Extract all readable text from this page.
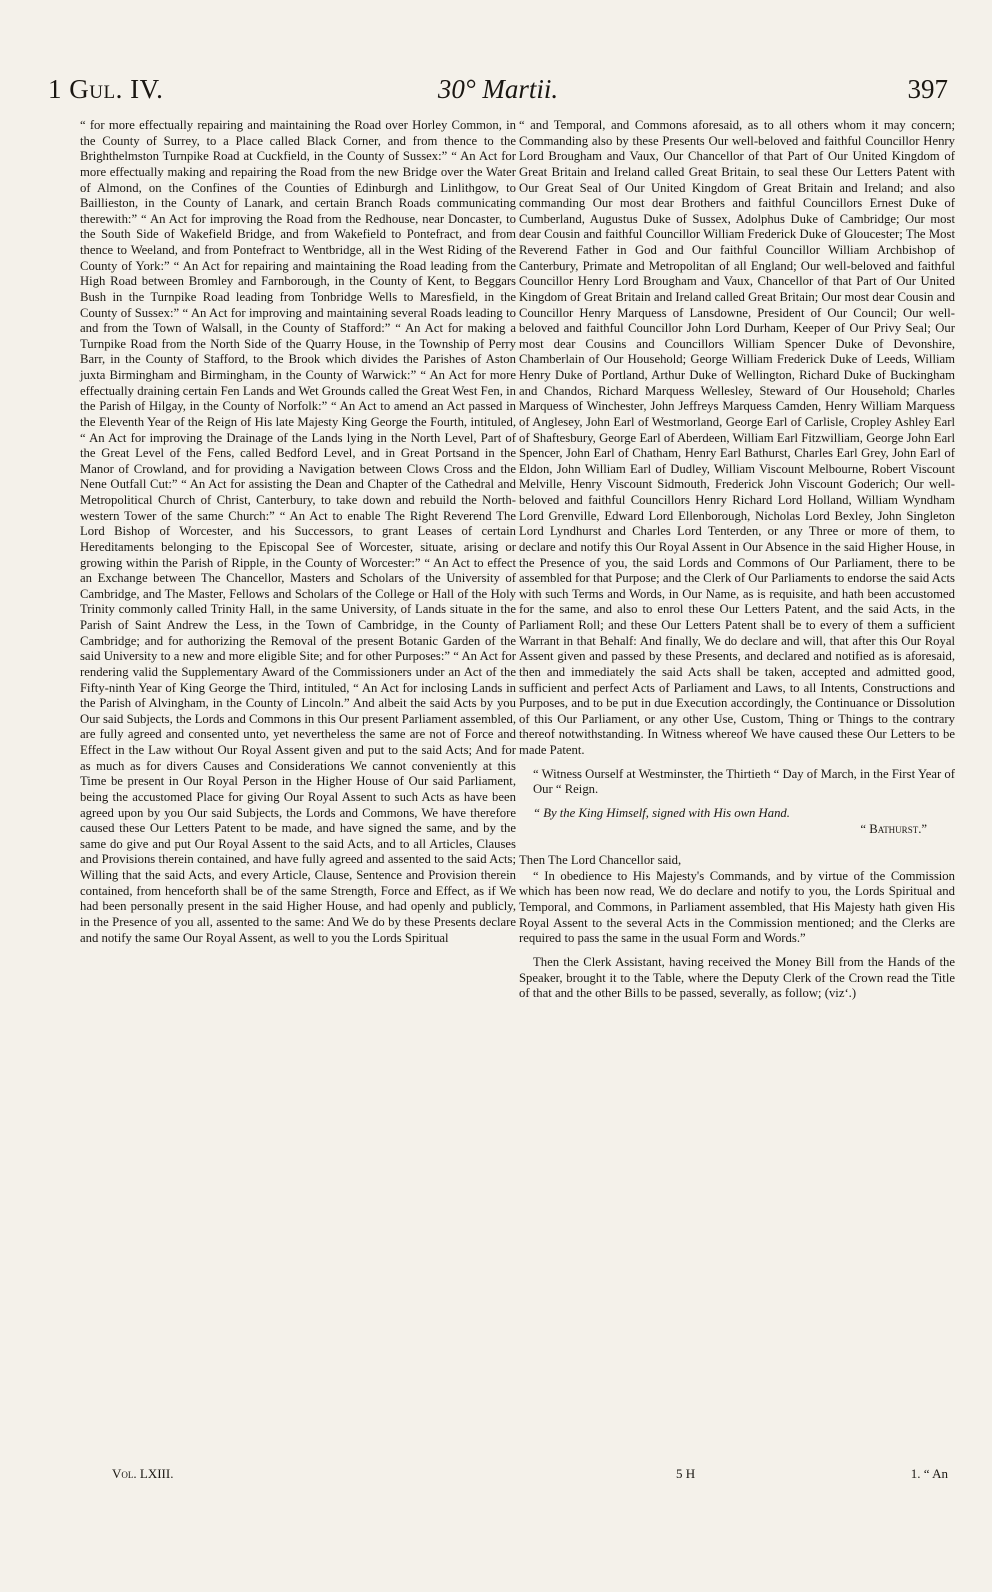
1 Gul. IV.	30° Martii.	397

“ for more effectually repairing and maintaining the Road over Horley Common, in the County of Surrey, to a Place called Black Corner, and from thence to the Brighthelmston Turnpike Road at Cuckfield, in the County of Sussex:” “ An Act for more effectually making and repairing the Road from the new Bridge over the Water of Almond, on the Confines of the Counties of Edinburgh and Linlithgow, to Baillieston, in the County of Lanark, and certain Branch Roads communicating therewith:” “ An Act for improving the Road from the Redhouse, near Doncaster, to the South Side of Wakefield Bridge, and from Wakefield to Pontefract, and from thence to Weeland, and from Pontefract to Wentbridge, all in the West Riding of the County of York:” “ An Act for repairing and maintaining the Road leading from the High Road between Bromley and Farnborough, in the County of Kent, to Beggars Bush in the Turnpike Road leading from Tonbridge Wells to Maresfield, in the County of Sussex:” “ An Act for improving and maintaining several Roads leading to and from the Town of Walsall, in the County of Stafford:” “ An Act for making a Turnpike Road from the North Side of the Quarry House, in the Township of Perry Barr, in the County of Stafford, to the Brook which divides the Parishes of Aston juxta Birmingham and Birmingham, in the County of Warwick:” “ An Act for more effectually draining certain Fen Lands and Wet Grounds called the Great West Fen, in the Parish of Hilgay, in the County of Norfolk:” “ An Act to amend an Act passed in the Eleventh Year of the Reign of His late Majesty King George the Fourth, intituled, “ An Act for improving the Drainage of the Lands lying in the North Level, Part of the Great Level of the Fens, called Bedford Level, and in Great Portsand in the Manor of Crowland, and for providing a Navigation between Clows Cross and the Nene Outfall Cut:” “ An Act for assisting the Dean and Chapter of the Cathedral and Metropolitical Church of Christ, Canterbury, to take down and rebuild the North-western Tower of the same Church:” “ An Act to enable The Right Reverend The Lord Bishop of Worcester, and his Successors, to grant Leases of certain Hereditaments belonging to the Episcopal See of Worcester, situate, arising or growing within the Parish of Ripple, in the County of Worcester:” “ An Act to effect an Exchange between The Chancellor, Masters and Scholars of the University of Cambridge, and The Master, Fellows and Scholars of the College or Hall of the Holy Trinity commonly called Trinity Hall, in the same University, of Lands situate in the Parish of Saint Andrew the Less, in the Town of Cambridge, in the County of Cambridge; and for authorizing the Removal of the present Botanic Garden of the said University to a new and more eligible Site; and for other Purposes:” “ An Act for rendering valid the Supplementary Award of the Commissioners under an Act of the Fifty-ninth Year of King George the Third, intituled, “ An Act for inclosing Lands in the Parish of Alvingham, in the County of Lincoln.” And albeit the said Acts by you Our said Subjects, the Lords and Commons in this Our present Parliament assembled, are fully agreed and consented unto, yet nevertheless the same are not of Force and Effect in the Law without Our Royal Assent given and put to the said Acts; And for as much as for divers Causes and Considerations We cannot conveniently at this Time be present in Our Royal Person in the Higher House of Our said Parliament, being the accustomed Place for giving Our Royal Assent to such Acts as have been agreed upon by you Our said Subjects, the Lords and Commons, We have therefore caused these Our Letters Patent to be made, and have signed the same, and by the same do give and put Our Royal Assent to the said Acts, and to all Articles, Clauses and Provisions therein contained, and have fully agreed and assented to the said Acts; Willing that the said Acts, and every Article, Clause, Sentence and Provision therein contained, from henceforth shall be of the same Strength, Force and Effect, as if We had been personally present in the said Higher House, and had openly and publicly, in the Presence of you all, assented to the same: And We do by these Presents declare and notify the same Our Royal Assent, as well to you the Lords Spiritual

“ and Temporal, and Commons aforesaid, as to all others whom it may concern; Commanding also by these Presents Our well-beloved and faithful Councillor Henry Lord Brougham and Vaux, Our Chancellor of that Part of Our United Kingdom of Great Britain and Ireland called Great Britain, to seal these Our Letters Patent with Our Great Seal of Our United Kingdom of Great Britain and Ireland; and also commanding Our most dear Brothers and faithful Councillors Ernest Duke of Cumberland, Augustus Duke of Sussex, Adolphus Duke of Cambridge; Our most dear Cousin and faithful Councillor William Frederick Duke of Gloucester; The Most Reverend Father in God and Our faithful Councillor William Archbishop of Canterbury, Primate and Metropolitan of all England; Our well-beloved and faithful Councillor Henry Lord Brougham and Vaux, Chancellor of that Part of Our United Kingdom of Great Britain and Ireland called Great Britain; Our most dear Cousin and Councillor Henry Marquess of Lansdowne, President of Our Council; Our well-beloved and faithful Councillor John Lord Durham, Keeper of Our Privy Seal; Our most dear Cousins and Councillors William Spencer Duke of Devonshire, Chamberlain of Our Household; George William Frederick Duke of Leeds, William Henry Duke of Portland, Arthur Duke of Wellington, Richard Duke of Buckingham and Chandos, Richard Marquess Wellesley, Steward of Our Household; Charles Marquess of Winchester, John Jeffreys Marquess Camden, Henry William Marquess of Anglesey, John Earl of Westmorland, George Earl of Carlisle, Cropley Ashley Earl of Shaftesbury, George Earl of Aberdeen, William Earl Fitzwilliam, George John Earl Spencer, John Earl of Chatham, Henry Earl Bathurst, Charles Earl Grey, John Earl of Eldon, John William Earl of Dudley, William Viscount Melbourne, Robert Viscount Melville, Henry Viscount Sidmouth, Frederick John Viscount Goderich; Our well-beloved and faithful Councillors Henry Richard Lord Holland, William Wyndham Lord Grenville, Edward Lord Ellenborough, Nicholas Lord Bexley, John Singleton Lord Lyndhurst and Charles Lord Tenterden, or any Three or more of them, to declare and notify this Our Royal Assent in Our Absence in the said Higher House, in the Presence of you, the said Lords and Commons of Our Parliament, there to be assembled for that Purpose; and the Clerk of Our Parliaments to endorse the said Acts with such Terms and Words, in Our Name, as is requisite, and hath been accustomed for the same, and also to enrol these Our Letters Patent, and the said Acts, in the Parliament Roll; and these Our Letters Patent shall be to every of them a sufficient Warrant in that Behalf: And finally, We do declare and will, that after this Our Royal Assent given and passed by these Presents, and declared and notified as is aforesaid, then and immediately the said Acts shall be taken, accepted and admitted good, sufficient and perfect Acts of Parliament and Laws, to all Intents, Constructions and Purposes, and to be put in due Execution accordingly, the Continuance or Dissolution of this Our Parliament, or any other Use, Custom, Thing or Things to the contrary thereof notwithstanding. In Witness whereof We have caused these Our Letters to be made Patent.

“ Witness Ourself at Westminster, the Thirtieth “ Day of March, in the First Year of Our “ Reign.

“ By the King Himself, signed with His own Hand.

“ Bathurst.”

Then The Lord Chancellor said,

“ In obedience to His Majesty's Commands, and by virtue of the Commission which has been now read, We do declare and notify to you, the Lords Spiritual and Temporal, and Commons, in Parliament assembled, that His Majesty hath given His Royal Assent to the several Acts in the Commission mentioned; and the Clerks are required to pass the same in the usual Form and Words.”

Then the Clerk Assistant, having received the Money Bill from the Hands of the Speaker, brought it to the Table, where the Deputy Clerk of the Crown read the Title of that and the other Bills to be passed, severally, as follow; (viz‘.)

Vol. LXIII.	5 H	1. “ An
